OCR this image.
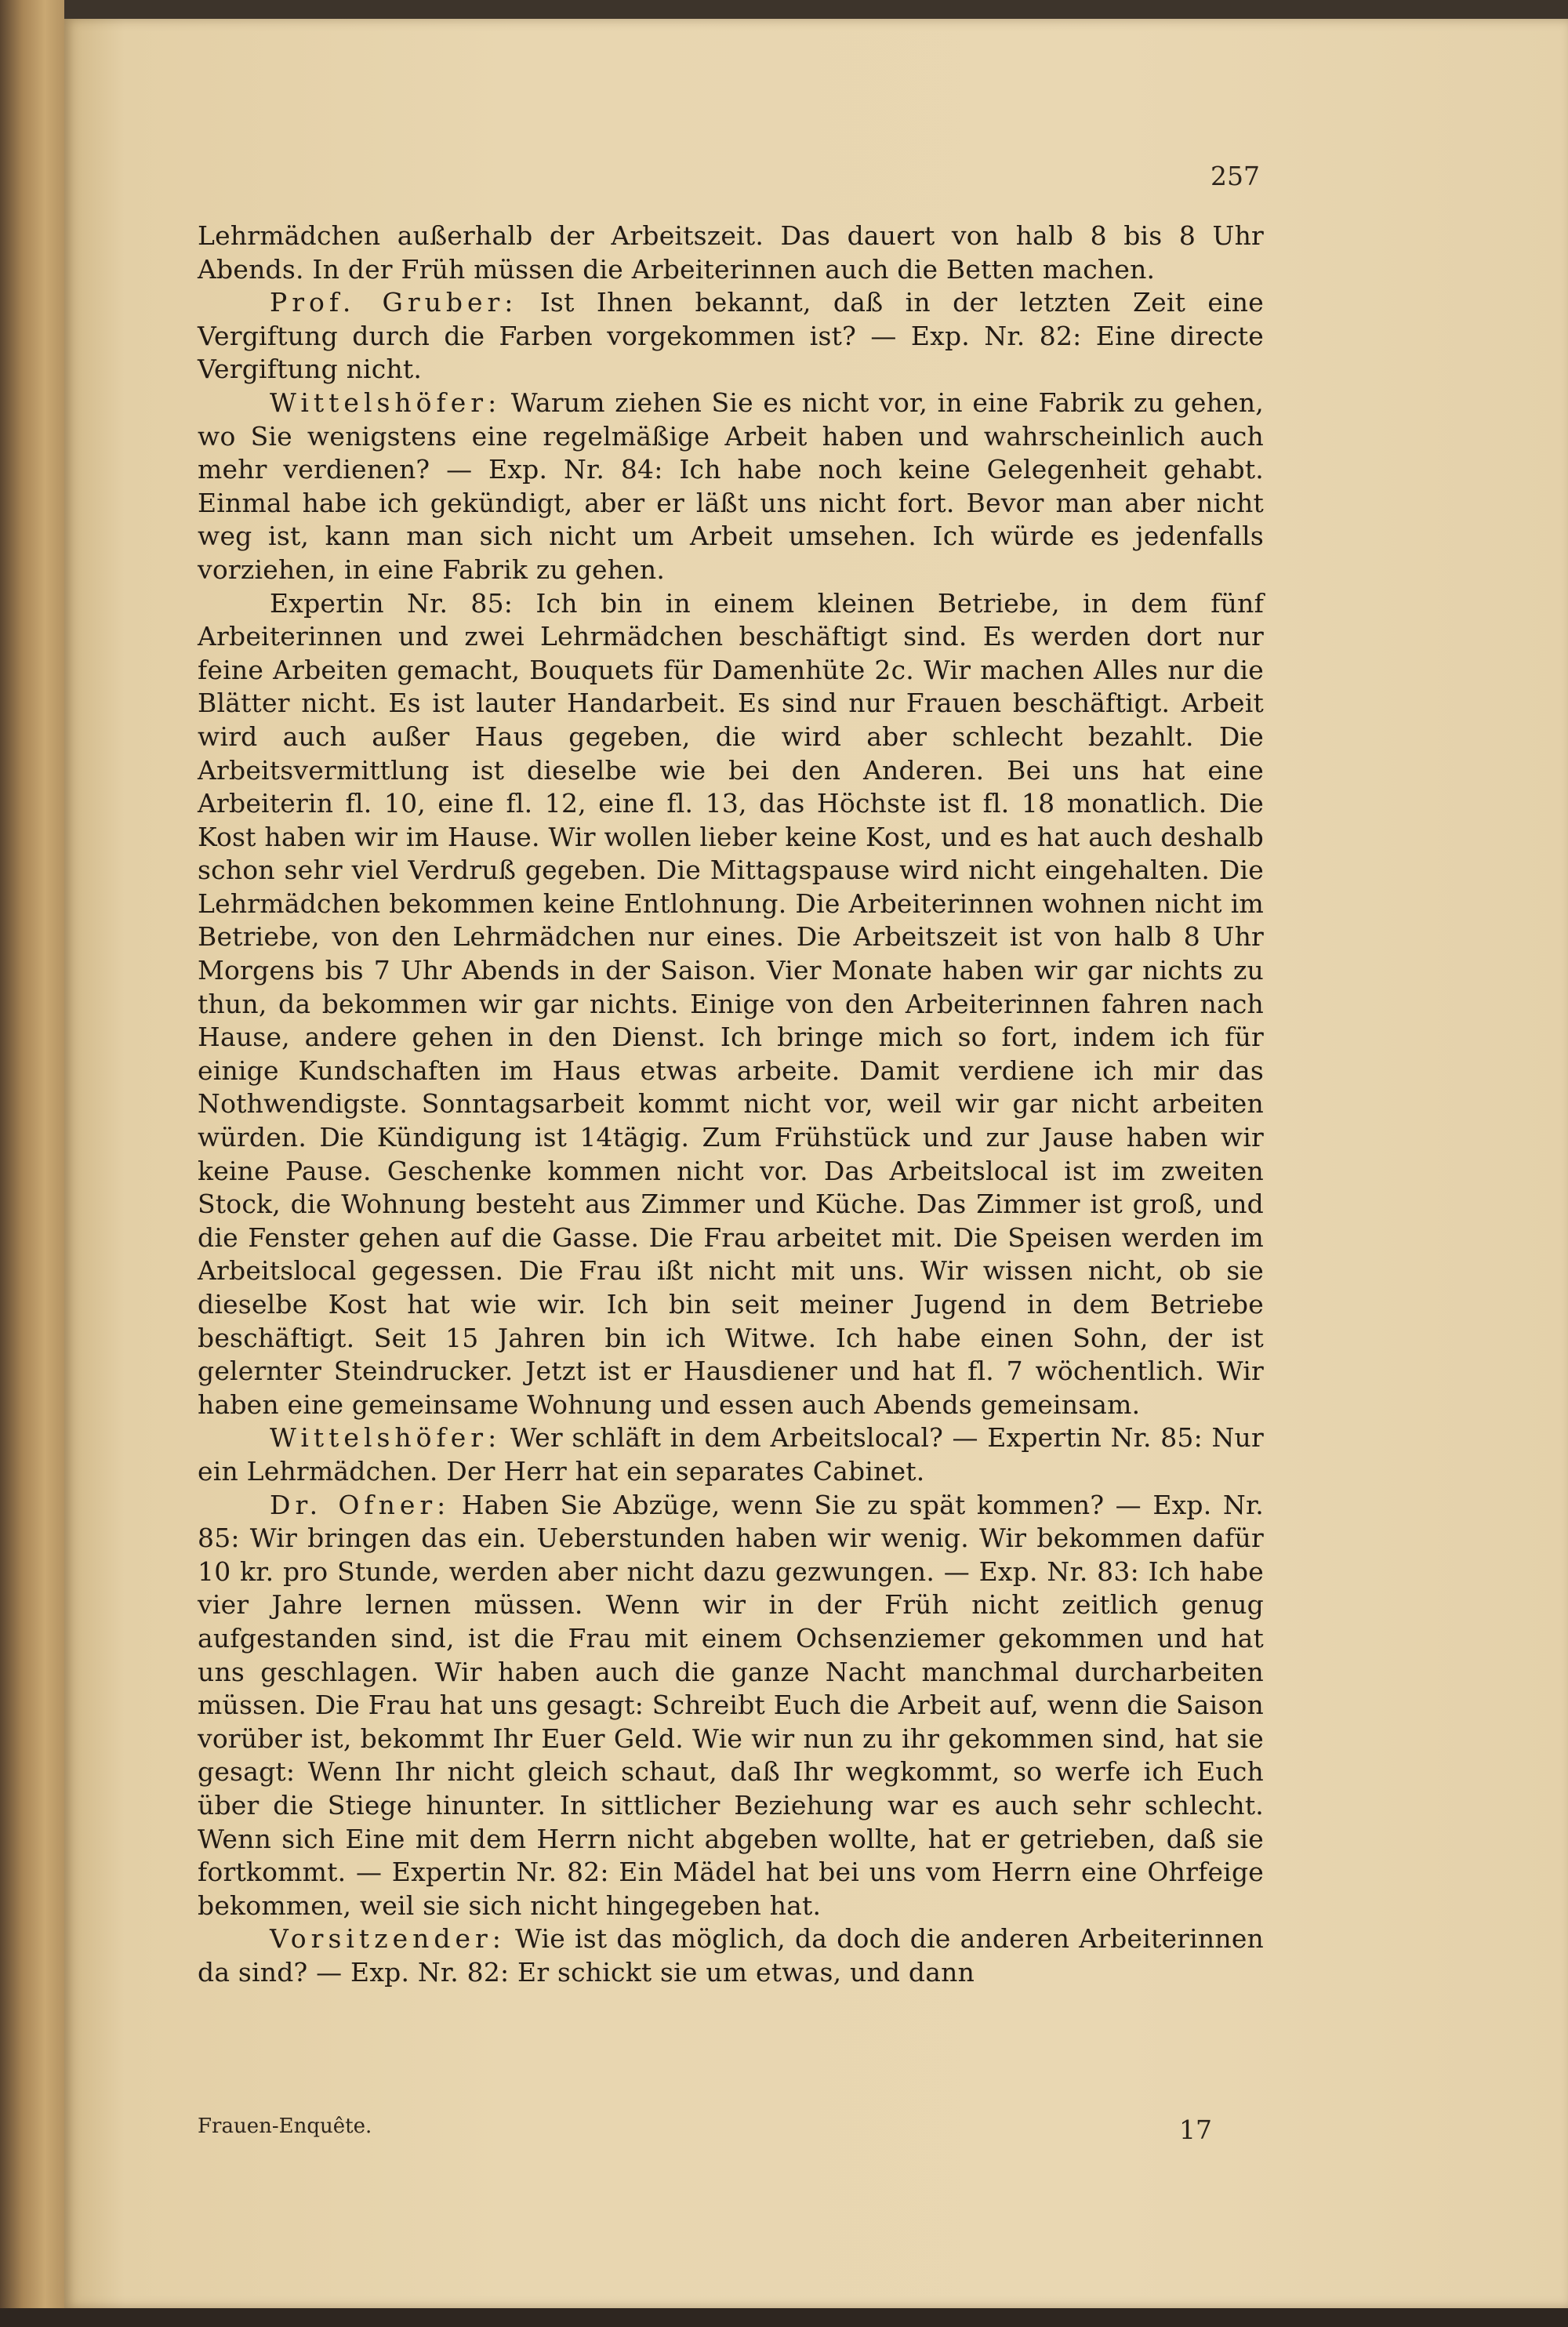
257

Lehrmädchen außerhalb der Arbeitszeit. Das dauert von halb 8 bis 8 Uhr Abends. In der Früh müssen die Arbeiterinnen auch die Betten machen.

Prof. Gruber: Ist Ihnen bekannt, daß in der letzten Zeit eine Vergiftung durch die Farben vorgekommen ist? — Exp. Nr. 82: Eine directe Vergiftung nicht.

Wittelshöfer: Warum ziehen Sie es nicht vor, in eine Fabrik zu gehen, wo Sie wenigstens eine regelmäßige Arbeit haben und wahrscheinlich auch mehr verdienen? — Exp. Nr. 84: Ich habe noch keine Gelegenheit gehabt. Einmal habe ich gekündigt, aber er läßt uns nicht fort. Bevor man aber nicht weg ist, kann man sich nicht um Arbeit umsehen. Ich würde es jedenfalls vorziehen, in eine Fabrik zu gehen.

Expertin Nr. 85: Ich bin in einem kleinen Betriebe, in dem fünf Arbeiterinnen und zwei Lehrmädchen beschäftigt sind. Es werden dort nur feine Arbeiten gemacht, Bouquets für Damenhüte 2c. Wir machen Alles nur die Blätter nicht. Es ist lauter Handarbeit. Es sind nur Frauen beschäftigt. Arbeit wird auch außer Haus gegeben, die wird aber schlecht bezahlt. Die Arbeitsvermittlung ist dieselbe wie bei den Anderen. Bei uns hat eine Arbeiterin fl. 10, eine fl. 12, eine fl. 13, das Höchste ist fl. 18 monatlich. Die Kost haben wir im Hause. Wir wollen lieber keine Kost, und es hat auch deshalb schon sehr viel Verdruß gegeben. Die Mittagspause wird nicht eingehalten. Die Lehrmädchen bekommen keine Entlohnung. Die Arbeiterinnen wohnen nicht im Betriebe, von den Lehrmädchen nur eines. Die Arbeitszeit ist von halb 8 Uhr Morgens bis 7 Uhr Abends in der Saison. Vier Monate haben wir gar nichts zu thun, da bekommen wir gar nichts. Einige von den Arbeiterinnen fahren nach Hause, andere gehen in den Dienst. Ich bringe mich so fort, indem ich für einige Kundschaften im Haus etwas arbeite. Damit verdiene ich mir das Nothwendigste. Sonntagsarbeit kommt nicht vor, weil wir gar nicht arbeiten würden. Die Kündigung ist 14tägig. Zum Frühstück und zur Jause haben wir keine Pause. Geschenke kommen nicht vor. Das Arbeitslocal ist im zweiten Stock, die Wohnung besteht aus Zimmer und Küche. Das Zimmer ist groß, und die Fenster gehen auf die Gasse. Die Frau arbeitet mit. Die Speisen werden im Arbeitslocal gegessen. Die Frau ißt nicht mit uns. Wir wissen nicht, ob sie dieselbe Kost hat wie wir. Ich bin seit meiner Jugend in dem Betriebe beschäftigt. Seit 15 Jahren bin ich Witwe. Ich habe einen Sohn, der ist gelernter Steindrucker. Jetzt ist er Hausdiener und hat fl. 7 wöchentlich. Wir haben eine gemeinsame Wohnung und essen auch Abends gemeinsam.

Wittelshöfer: Wer schläft in dem Arbeitslocal? — Expertin Nr. 85: Nur ein Lehrmädchen. Der Herr hat ein separates Cabinet.

Dr. Ofner: Haben Sie Abzüge, wenn Sie zu spät kommen? — Exp. Nr. 85: Wir bringen das ein. Ueberstunden haben wir wenig. Wir bekommen dafür 10 kr. pro Stunde, werden aber nicht dazu gezwungen. — Exp. Nr. 83: Ich habe vier Jahre lernen müssen. Wenn wir in der Früh nicht zeitlich genug aufgestanden sind, ist die Frau mit einem Ochsenziemer gekommen und hat uns geschlagen. Wir haben auch die ganze Nacht manchmal durcharbeiten müssen. Die Frau hat uns gesagt: Schreibt Euch die Arbeit auf, wenn die Saison vorüber ist, bekommt Ihr Euer Geld. Wie wir nun zu ihr gekommen sind, hat sie gesagt: Wenn Ihr nicht gleich schaut, daß Ihr wegkommt, so werfe ich Euch über die Stiege hinunter. In sittlicher Beziehung war es auch sehr schlecht. Wenn sich Eine mit dem Herrn nicht abgeben wollte, hat er getrieben, daß sie fortkommt. — Expertin Nr. 82: Ein Mädel hat bei uns vom Herrn eine Ohrfeige bekommen, weil sie sich nicht hingegeben hat.

Vorsitzender: Wie ist das möglich, da doch die anderen Arbeiterinnen da sind? — Exp. Nr. 82: Er schickt sie um etwas, und dann

Frauen-Enquête.	17
